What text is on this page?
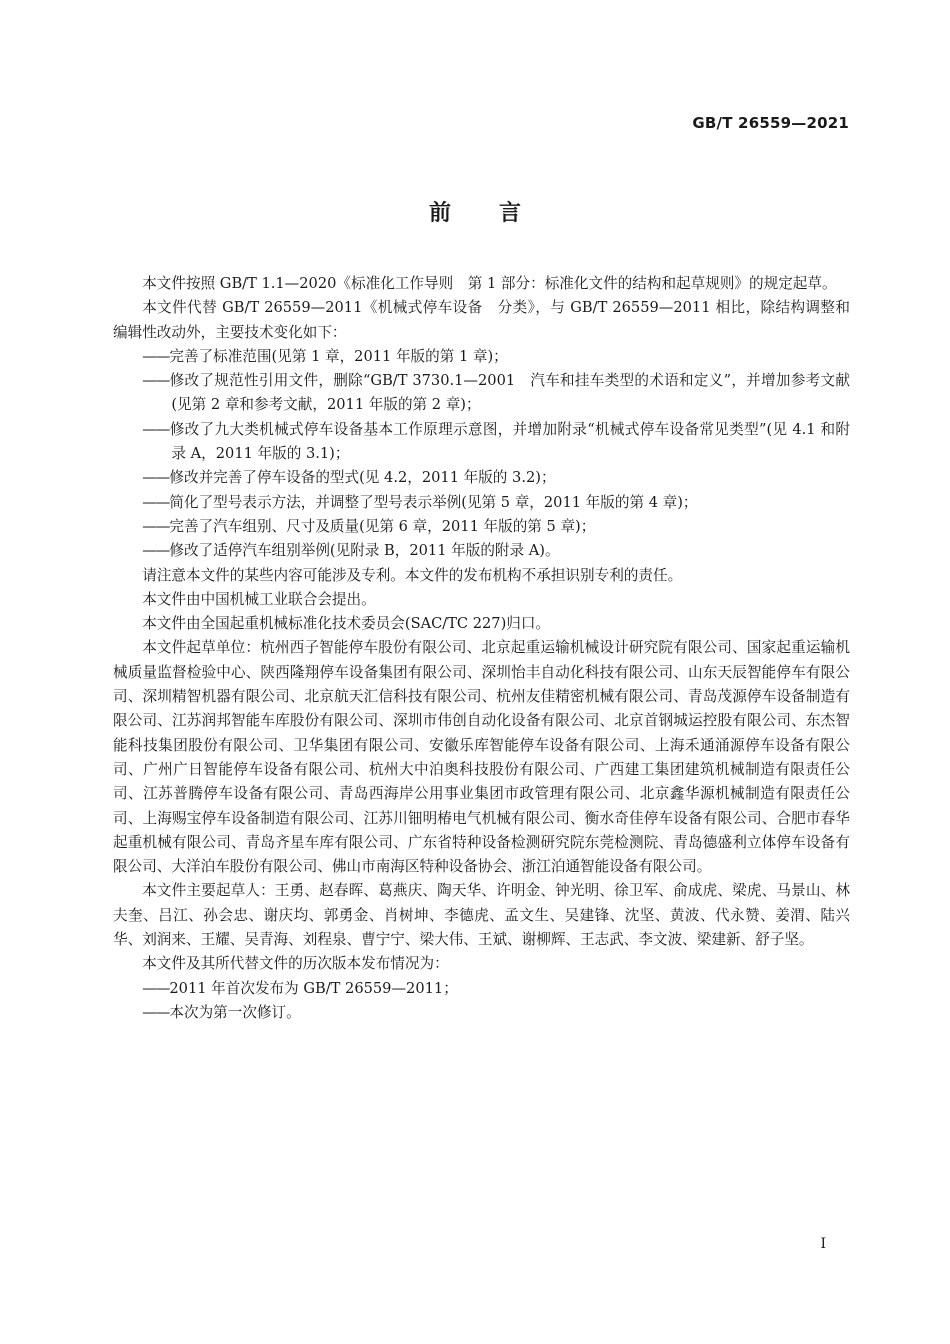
GB/T 26559—2021
前言

本文件按照 GB/T 1.1—2020《标准化工作导则　第 1 部分：标准化文件的结构和起草规则》的规定起草。

本文件代替 GB/T 26559—2011《机械式停车设备　分类》，与 GB/T 26559—2011 相比，除结构调整和编辑性改动外，主要技术变化如下：

——完善了标准范围(见第 1 章，2011 年版的第 1 章)；

——修改了规范性引用文件，删除“GB/T 3730.1—2001　汽车和挂车类型的术语和定义”，并增加参考文献(见第 2 章和参考文献，2011 年版的第 2 章)；

——修改了九大类机械式停车设备基本工作原理示意图，并增加附录“机械式停车设备常见类型”(见 4.1 和附录 A，2011 年版的 3.1)；

——修改并完善了停车设备的型式(见 4.2，2011 年版的 3.2)；

——简化了型号表示方法，并调整了型号表示举例(见第 5 章，2011 年版的第 4 章)；

——完善了汽车组别、尺寸及质量(见第 6 章，2011 年版的第 5 章)；

——修改了适停汽车组别举例(见附录 B，2011 年版的附录 A)。

请注意本文件的某些内容可能涉及专利。本文件的发布机构不承担识别专利的责任。

本文件由中国机械工业联合会提出。

本文件由全国起重机械标准化技术委员会(SAC/TC 227)归口。

本文件起草单位：杭州西子智能停车股份有限公司、北京起重运输机械设计研究院有限公司、国家起重运输机械质量监督检验中心、陕西隆翔停车设备集团有限公司、深圳怡丰自动化科技有限公司、山东天辰智能停车有限公司、深圳精智机器有限公司、北京航天汇信科技有限公司、杭州友佳精密机械有限公司、青岛茂源停车设备制造有限公司、江苏润邦智能车库股份有限公司、深圳市伟创自动化设备有限公司、北京首钢城运控股有限公司、东杰智能科技集团股份有限公司、卫华集团有限公司、安徽乐库智能停车设备有限公司、上海禾通涌源停车设备有限公司、广州广日智能停车设备有限公司、杭州大中泊奥科技股份有限公司、广西建工集团建筑机械制造有限责任公司、江苏普腾停车设备有限公司、青岛西海岸公用事业集团市政管理有限公司、北京鑫华源机械制造有限责任公司、上海赐宝停车设备制造有限公司、江苏川钿明椿电气机械有限公司、衡水奇佳停车设备有限公司、合肥市春华起重机械有限公司、青岛齐星车库有限公司、广东省特种设备检测研究院东莞检测院、青岛德盛利立体停车设备有限公司、大洋泊车股份有限公司、佛山市南海区特种设备协会、浙江泊通智能设备有限公司。

本文件主要起草人：王勇、赵春晖、葛燕庆、陶天华、许明金、钟光明、徐卫军、俞成虎、梁虎、马景山、林夫奎、吕江、孙会忠、谢庆均、郭勇金、肖树坤、李德虎、孟文生、吴建锋、沈坚、黄波、代永赞、姜渭、陆兴华、刘润来、王耀、吴青海、刘程泉、曹宁宁、梁大伟、王斌、谢柳辉、王志武、李文波、梁建新、舒子坚。

本文件及其所代替文件的历次版本发布情况为：

——2011 年首次发布为 GB/T 26559—2011；

——本次为第一次修订。

I
